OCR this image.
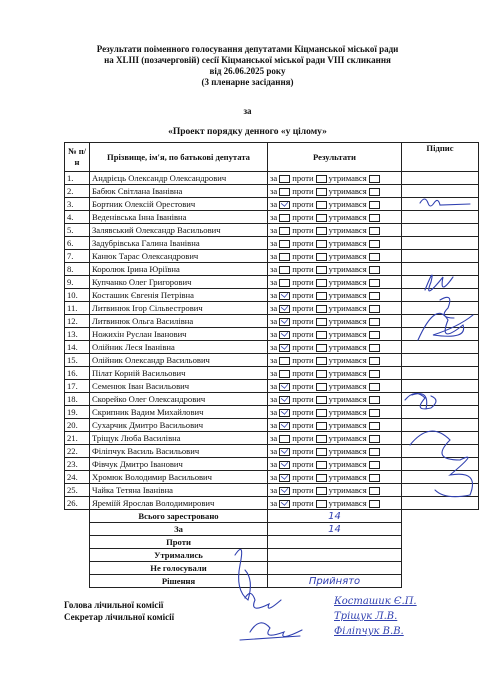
Результати поіменного голосування депутатами Кіцманської міської ради
на XLIII (позачерговій) сесії Кіцманської міської ради VIII скликання
від 26.06.2025 року
(3 пленарне засідання)
за
«Проект порядку денного «у цілому»
№ п/н	Прізвище, ім'я, по батькові депутата	Результати	Підпис
1.	Андрієць Олександр Олександрович	за проти утримався	
2.	Бабюк Світлана Іванівна	за проти утримався	
3.	Бортник Олексій Орестович	за проти утримався	
4.	Веденівська Інна Іванівна	за проти утримався	
5.	Залявський Олександр Васильович	за проти утримався	
6.	Задубрівська Галина Іванівна	за проти утримався	
7.	Канюк Тарас Олександрович	за проти утримався	
8.	Королюк Ірина Юріївна	за проти утримався	
9.	Купчанко Олег Григорович	за проти утримався	
10.	Косташик Євгенія Петрівна	за проти утримався	
11.	Литвинюк Ігор Сільвестрович	за проти утримався	
12.	Литвинюк Ольга Василівна	за проти утримався	
13.	Ножихін Руслан Іванович	за проти утримався	
14.	Олійник Леся Іванівна	за проти утримався	
15.	Олійник Олександр Васильович	за проти утримався	
16.	Пілат Корній Васильович	за проти утримався	
17.	Семенюк Іван Васильович	за проти утримався	
18.	Скорейко Олег Олександрович	за проти утримався	
19.	Скрипник Вадим Михайлович	за проти утримався	
20.	Сухарчик Дмитро Васильович	за проти утримався	
21.	Тріщук Люба Василівна	за проти утримався	
22.	Філіпчук Василь Васильович	за проти утримався	
23.	Фівчук Дмитро Іванович	за проти утримався	
24.	Хромюк Володимир Васильович	за проти утримався	
25.	Чайка Тетяна Іванівна	за проти утримався	
26.	Яреміїй Ярослав Володимирович	за проти утримався	
	Всього зарестровано	14	
	За	14	
	Проти		
	Утримались		
	Не голосували		
	Рішення	Прийнято	
Голова лічильної комісії
Секретар лічильної комісії
Косташик Є.П.
Тріщук Л.В.
Філіпчук В.В.
